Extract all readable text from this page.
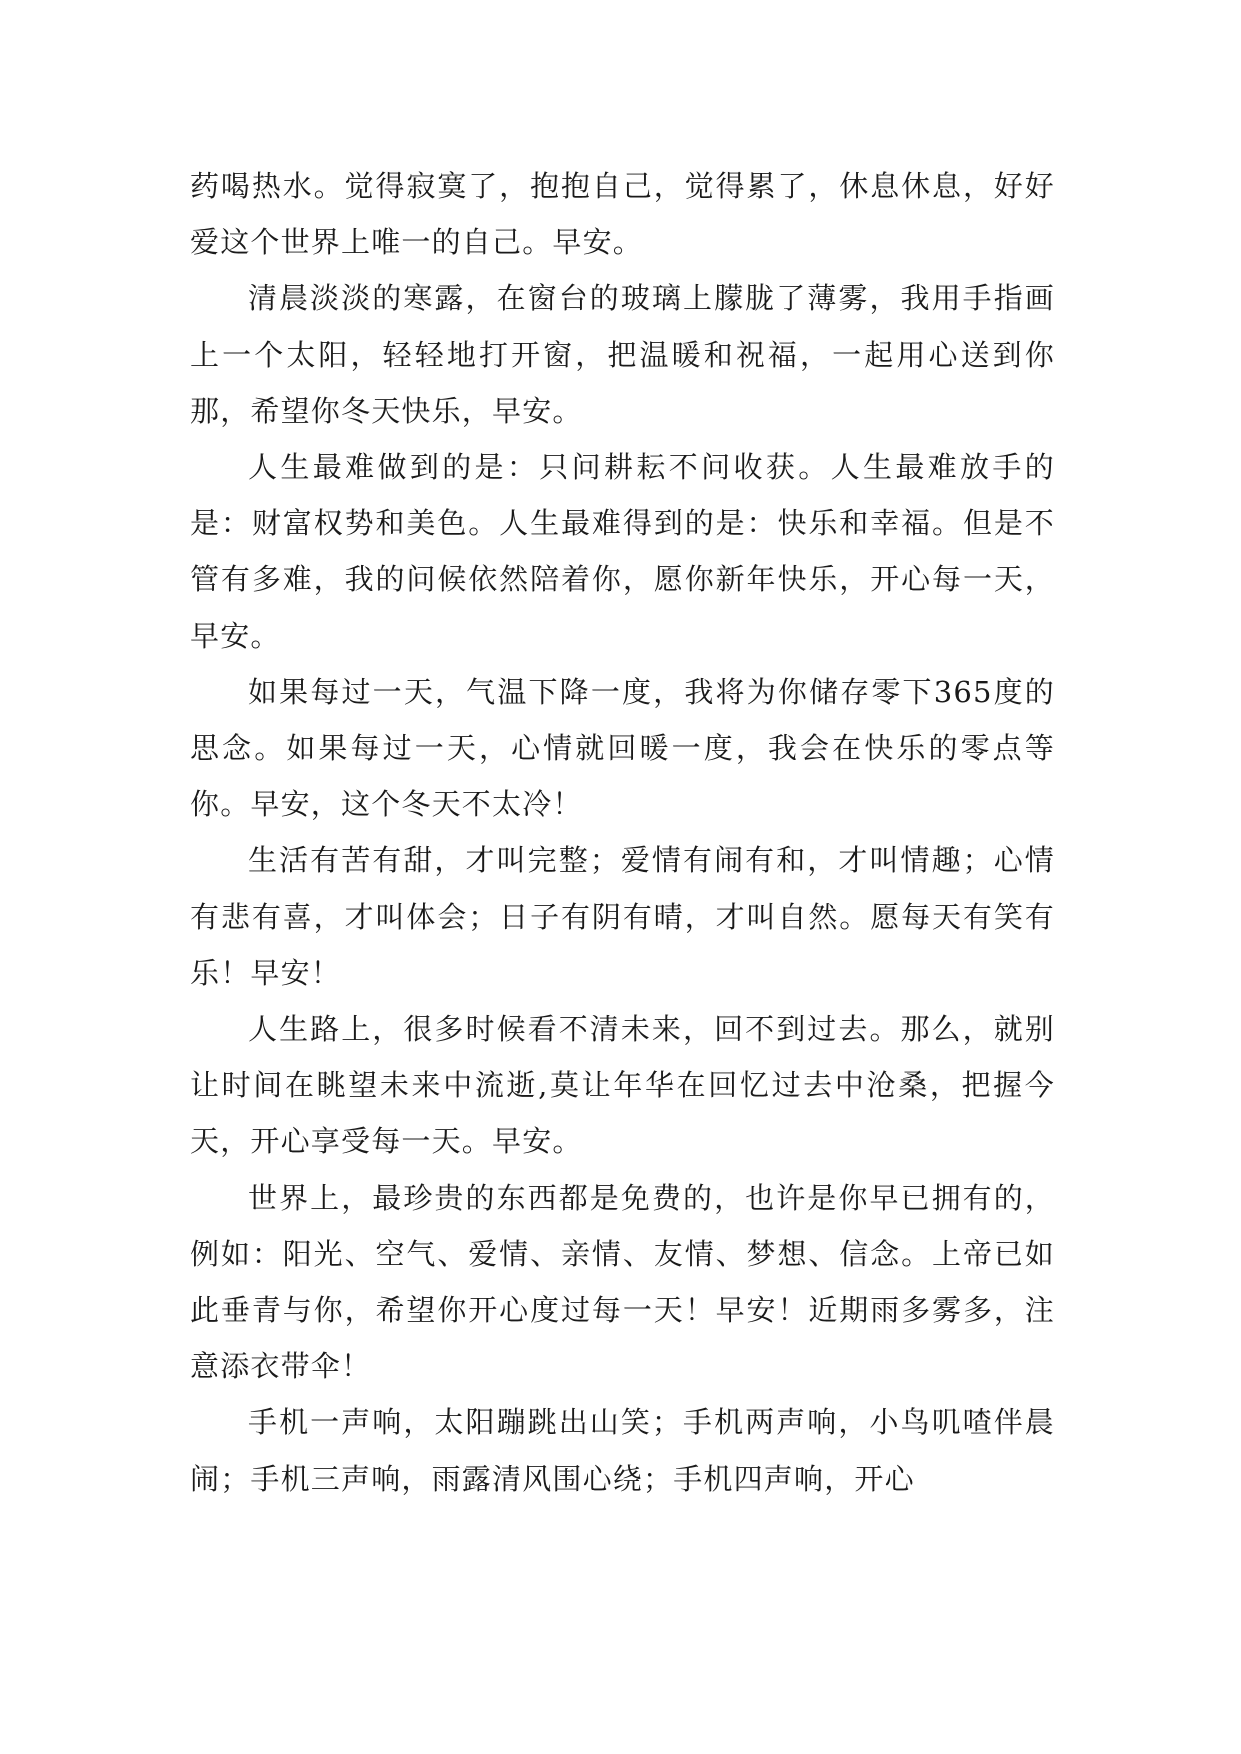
药喝热水。觉得寂寞了，抱抱自己，觉得累了，休息休息，好好爱这个世界上唯一的自己。早安。

清晨淡淡的寒露，在窗台的玻璃上朦胧了薄雾，我用手指画上一个太阳，轻轻地打开窗，把温暖和祝福，一起用心送到你那，希望你冬天快乐，早安。

人生最难做到的是：只问耕耘不问收获。人生最难放手的是：财富权势和美色。人生最难得到的是：快乐和幸福。但是不管有多难，我的问候依然陪着你，愿你新年快乐，开心每一天，早安。

如果每过一天，气温下降一度，我将为你储存零下365度的思念。如果每过一天，心情就回暖一度，我会在快乐的零点等你。早安，这个冬天不太冷！

生活有苦有甜，才叫完整；爱情有闹有和，才叫情趣；心情有悲有喜，才叫体会；日子有阴有晴，才叫自然。愿每天有笑有乐！早安！

人生路上，很多时候看不清未来，回不到过去。那么，就别让时间在眺望未来中流逝,莫让年华在回忆过去中沧桑，把握今天，开心享受每一天。早安。

世界上，最珍贵的东西都是免费的，也许是你早已拥有的，例如：阳光、空气、爱情、亲情、友情、梦想、信念。上帝已如此垂青与你，希望你开心度过每一天！早安！近期雨多雾多，注意添衣带伞！

手机一声响，太阳蹦跳出山笑；手机两声响，小鸟叽喳伴晨闹；手机三声响，雨露清风围心绕；手机四声响，开心
